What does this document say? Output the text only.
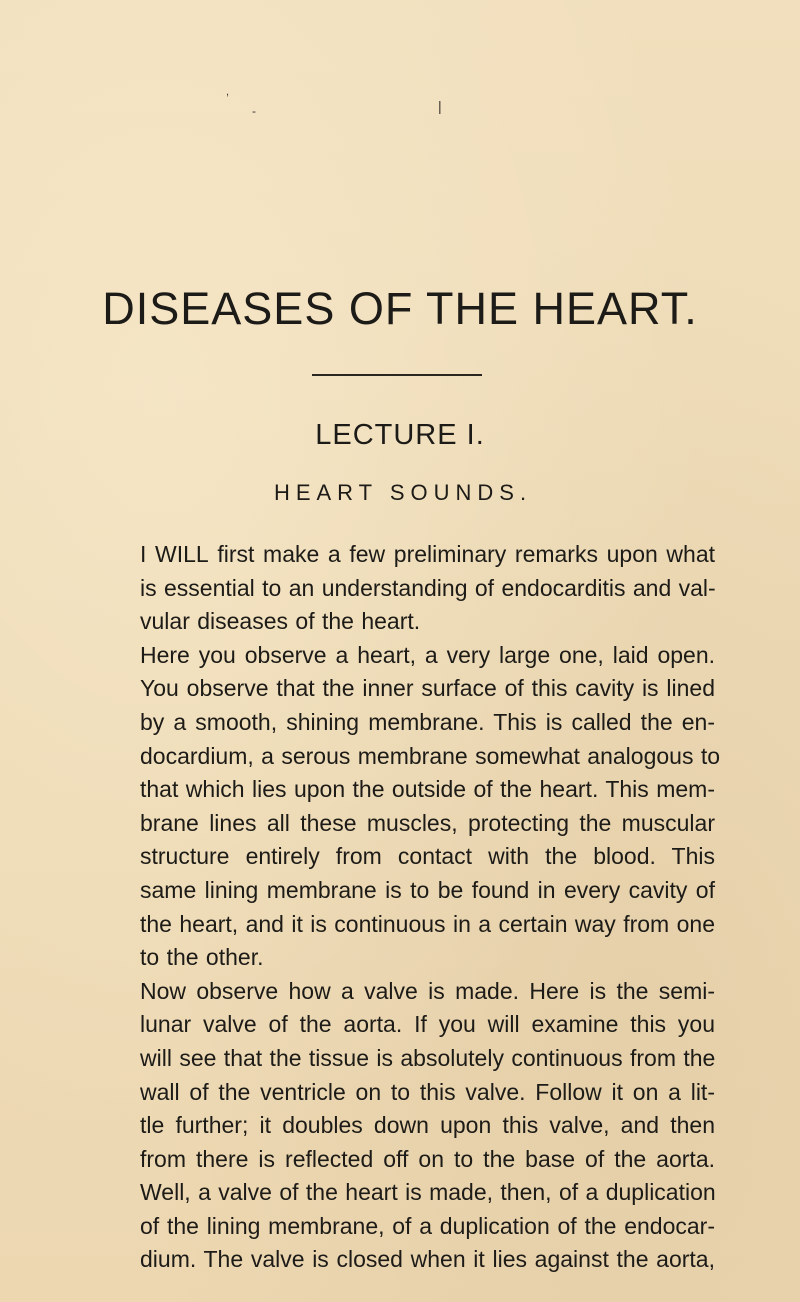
,
-	|
DISEASES OF THE HEART.
LECTURE I.
HEART SOUNDS.
I WILL first make a few preliminary remarks upon what
is essential to an understanding of endocarditis and val-
vular diseases of the heart.
Here you observe a heart, a very large one, laid open.
You observe that the inner surface of this cavity is lined
by a smooth, shining membrane. This is called the en-
docardium, a serous membrane somewhat analogous to
that which lies upon the outside of the heart. This mem-
brane lines all these muscles, protecting the muscular
structure entirely from contact with the blood. This
same lining membrane is to be found in every cavity of
the heart, and it is continuous in a certain way from one
to the other.
Now observe how a valve is made. Here is the semi-
lunar valve of the aorta. If you will examine this you
will see that the tissue is absolutely continuous from the
wall of the ventricle on to this valve. Follow it on a lit-
tle further; it doubles down upon this valve, and then
from there is reflected off on to the base of the aorta.
Well, a valve of the heart is made, then, of a duplication
of the lining membrane, of a duplication of the endocar-
dium. The valve is closed when it lies against the aorta,
